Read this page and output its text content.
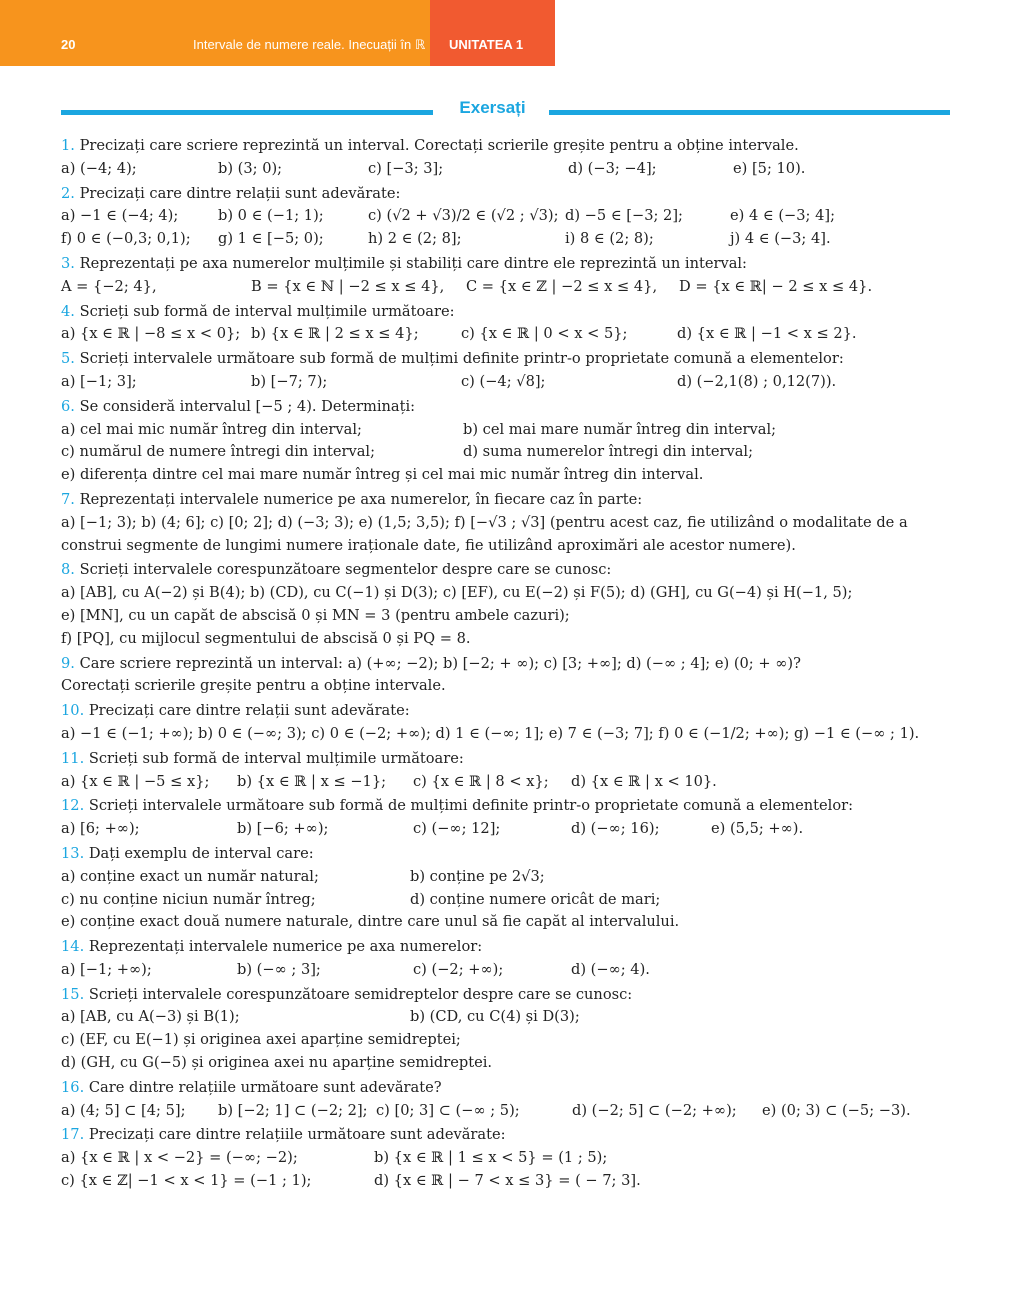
20	Intervale de numere reale. Inecuații în ℝ UNITATEA 1
Exersați
1. Precizați care scriere reprezintă un interval. Corectați scrierile greșite pentru a obține intervale.
a) (−4; 4);	b) (3; 0);	c) [−3; 3];	d) (−3; −4];	e) [5; 10).
2. Precizați care dintre relații sunt adevărate:
a) −1 ∈ (−4; 4);	b) 0 ∈ (−1; 1);	c) (√2 + √3)/2 ∈ (√2 ; √3); d) −5 ∈ [−3; 2];	e) 4 ∈ (−3; 4];
f) 0 ∈ (−0,3; 0,1);	g) 1 ∈ [−5; 0);	h) 2 ∈ (2; 8];	i) 8 ∈ (2; 8);	j) 4 ∈ (−3; 4].
3. Reprezentați pe axa numerelor mulțimile și stabiliți care dintre ele reprezintă un interval:
A = {−2; 4},	B = {x ∈ ℕ | −2 ≤ x ≤ 4},	C = {x ∈ ℤ | −2 ≤ x ≤ 4},	D = {x ∈ ℝ| − 2 ≤ x ≤ 4}.
4. Scrieți sub formă de interval mulțimile următoare:
a) {x ∈ ℝ | −8 ≤ x < 0}; b) {x ∈ ℝ | 2 ≤ x ≤ 4};	c) {x ∈ ℝ | 0 < x < 5};	d) {x ∈ ℝ | −1 < x ≤ 2}.
5. Scrieți intervalele următoare sub formă de mulțimi definite printr-o proprietate comună a elementelor:
a) [−1; 3];	b) [−7; 7);	c) (−4; √8];	d) (−2,1(8) ; 0,12(7)).
6. Se consideră intervalul [−5 ; 4). Determinați:
a) cel mai mic număr întreg din interval;	b) cel mai mare număr întreg din interval;
c) numărul de numere întregi din interval;	d) suma numerelor întregi din interval;
e) diferența dintre cel mai mare număr întreg și cel mai mic număr întreg din interval.
7. Reprezentați intervalele numerice pe axa numerelor, în fiecare caz în parte:
a) [−1; 3); b) (4; 6]; c) [0; 2]; d) (−3; 3); e) (1,5; 3,5); f) [−√3 ; √3] (pentru acest caz, fie utilizând o modalitate de a construi segmente de lungimi numere iraționale date, fie utilizând aproximări ale acestor numere).
8. Scrieți intervalele corespunzătoare segmentelor despre care se cunosc:
a) [AB], cu A(−2) și B(4); b) (CD), cu C(−1) și D(3); c) [EF), cu E(−2) și F(5); d) (GH], cu G(−4) și H(−1, 5);
e) [MN], cu un capăt de abscisă 0 și MN = 3 (pentru ambele cazuri);
f) [PQ], cu mijlocul segmentului de abscisă 0 și PQ = 8.
9. Care scriere reprezintă un interval: a) (+∞; −2); b) [−2; + ∞); c) [3; +∞]; d) (−∞ ; 4]; e) (0; + ∞)?
Corectați scrierile greșite pentru a obține intervale.
10. Precizați care dintre relații sunt adevărate:
a) −1 ∈ (−1; +∞); b) 0 ∈ (−∞; 3); c) 0 ∈ (−2; +∞); d) 1 ∈ (−∞; 1]; e) 7 ∈ (−3; 7]; f) 0 ∈ (−1/2; +∞); g) −1 ∈ (−∞ ; 1).
11. Scrieți sub formă de interval mulțimile următoare:
a) {x ∈ ℝ | −5 ≤ x};	b) {x ∈ ℝ | x ≤ −1};	c) {x ∈ ℝ | 8 < x};	d) {x ∈ ℝ | x < 10}.
12. Scrieți intervalele următoare sub formă de mulțimi definite printr-o proprietate comună a elementelor:
a) [6; +∞);	b) [−6; +∞);	c) (−∞; 12];	d) (−∞; 16);	e) (5,5; +∞).
13. Dați exemplu de interval care:
a) conține exact un număr natural;	b) conține pe 2√3;
c) nu conține niciun număr întreg;	d) conține numere oricât de mari;
e) conține exact două numere naturale, dintre care unul să fie capăt al intervalului.
14. Reprezentați intervalele numerice pe axa numerelor:
a) [−1; +∞);	b) (−∞ ; 3];	c) (−2; +∞);	d) (−∞; 4).
15. Scrieți intervalele corespunzătoare semidreptelor despre care se cunosc:
a) [AB, cu A(−3) și B(1);	b) (CD, cu C(4) și D(3);
c) (EF, cu E(−1) și originea axei aparține semidreptei;
d) (GH, cu G(−5) și originea axei nu aparține semidreptei.
16. Care dintre relațiile următoare sunt adevărate?
a) (4; 5] ⊂ [4; 5];	b) [−2; 1] ⊂ (−2; 2]; c) [0; 3] ⊂ (−∞ ; 5);	d) (−2; 5] ⊂ (−2; +∞);	e) (0; 3) ⊂ (−5; −3).
17. Precizați care dintre relațiile următoare sunt adevărate:
a) {x ∈ ℝ | x < −2} = (−∞; −2);	b) {x ∈ ℝ | 1 ≤ x < 5} = (1 ; 5);
c) {x ∈ ℤ| −1 < x < 1} = (−1 ; 1);	d) {x ∈ ℝ | − 7 < x ≤ 3} = ( − 7; 3].
